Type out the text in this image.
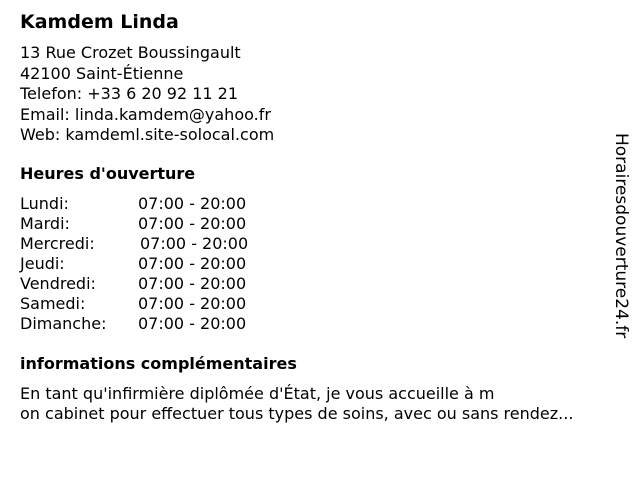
Kamdem Linda
13 Rue Crozet Boussingault
42100 Saint-Étienne
Telefon: +33 6 20 92 11 21
Email: linda.kamdem@yahoo.fr
Web: kamdeml.site-solocal.com
Heures d'ouverture
Lundi:	07:00 - 20:00
Mardi:	07:00 - 20:00
Mercredi:	07:00 - 20:00
Jeudi:	07:00 - 20:00
Vendredi:	07:00 - 20:00
Samedi:	07:00 - 20:00
Dimanche: 07:00 - 20:00
informations complémentaires
En tant qu'infirmière diplômée d'État, je vous accueille à m
on cabinet pour effectuer tous types de soins, avec ou sans rendez...
Horairesdouverture24.fr
